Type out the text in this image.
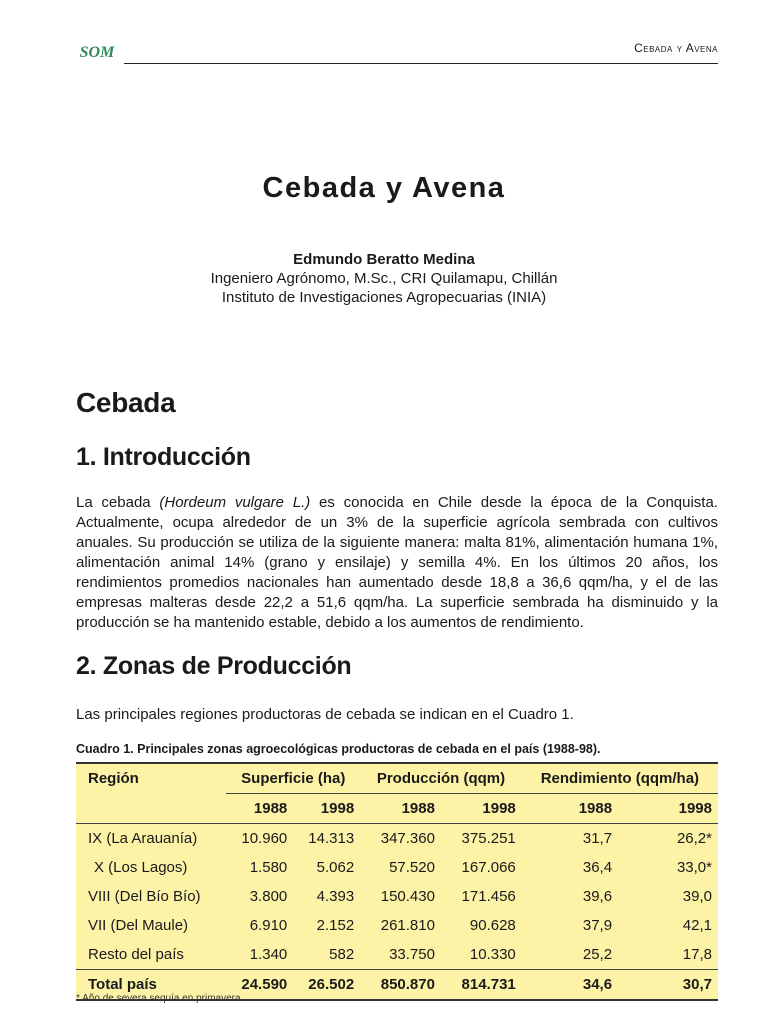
SOM	Cebada y Avena
Cebada y Avena
Edmundo Beratto Medina
Ingeniero Agrónomo, M.Sc., CRI Quilamapu, Chillán
Instituto de Investigaciones Agropecuarias (INIA)
Cebada
1. Introducción
La cebada (Hordeum vulgare L.) es conocida en Chile desde la época de la Conquista. Actualmente, ocupa alrededor de un 3% de la superficie agrícola sembrada con cultivos anuales. Su producción se utiliza de la siguiente manera: malta 81%, alimentación humana 1%, alimentación animal 14% (grano y ensilaje) y semilla 4%. En los últimos 20 años, los rendimientos promedios nacionales han aumentado desde 18,8 a 36,6 qqm/ha, y el de las empresas malteras desde 22,2 a 51,6 qqm/ha. La superficie sembrada ha disminuido y la producción se ha mantenido estable, debido a los aumentos de rendimiento.
2. Zonas de Producción
Las principales regiones productoras de cebada se indican en el Cuadro 1.
Cuadro 1. Principales zonas agroecológicas productoras de cebada en el país (1988-98).
Región	Superficie (ha)		Producción (qqm)		Rendimiento (qqm/ha)	
	1988	1998	1988	1998	1988	1998
IX (La Arauanía)	10.960	14.313	347.360	375.251	31,7	26,2*
X (Los Lagos)	1.580	5.062	57.520	167.066	36,4	33,0*
VIII (Del Bío Bío)	3.800	4.393	150.430	171.456	39,6	39,0
VII (Del Maule)	6.910	2.152	261.810	90.628	37,9	42,1
Resto del país	1.340	582	33.750	10.330	25,2	17,8
Total país	24.590	26.502	850.870	814.731	34,6	30,7
* Año de severa sequía en primavera
